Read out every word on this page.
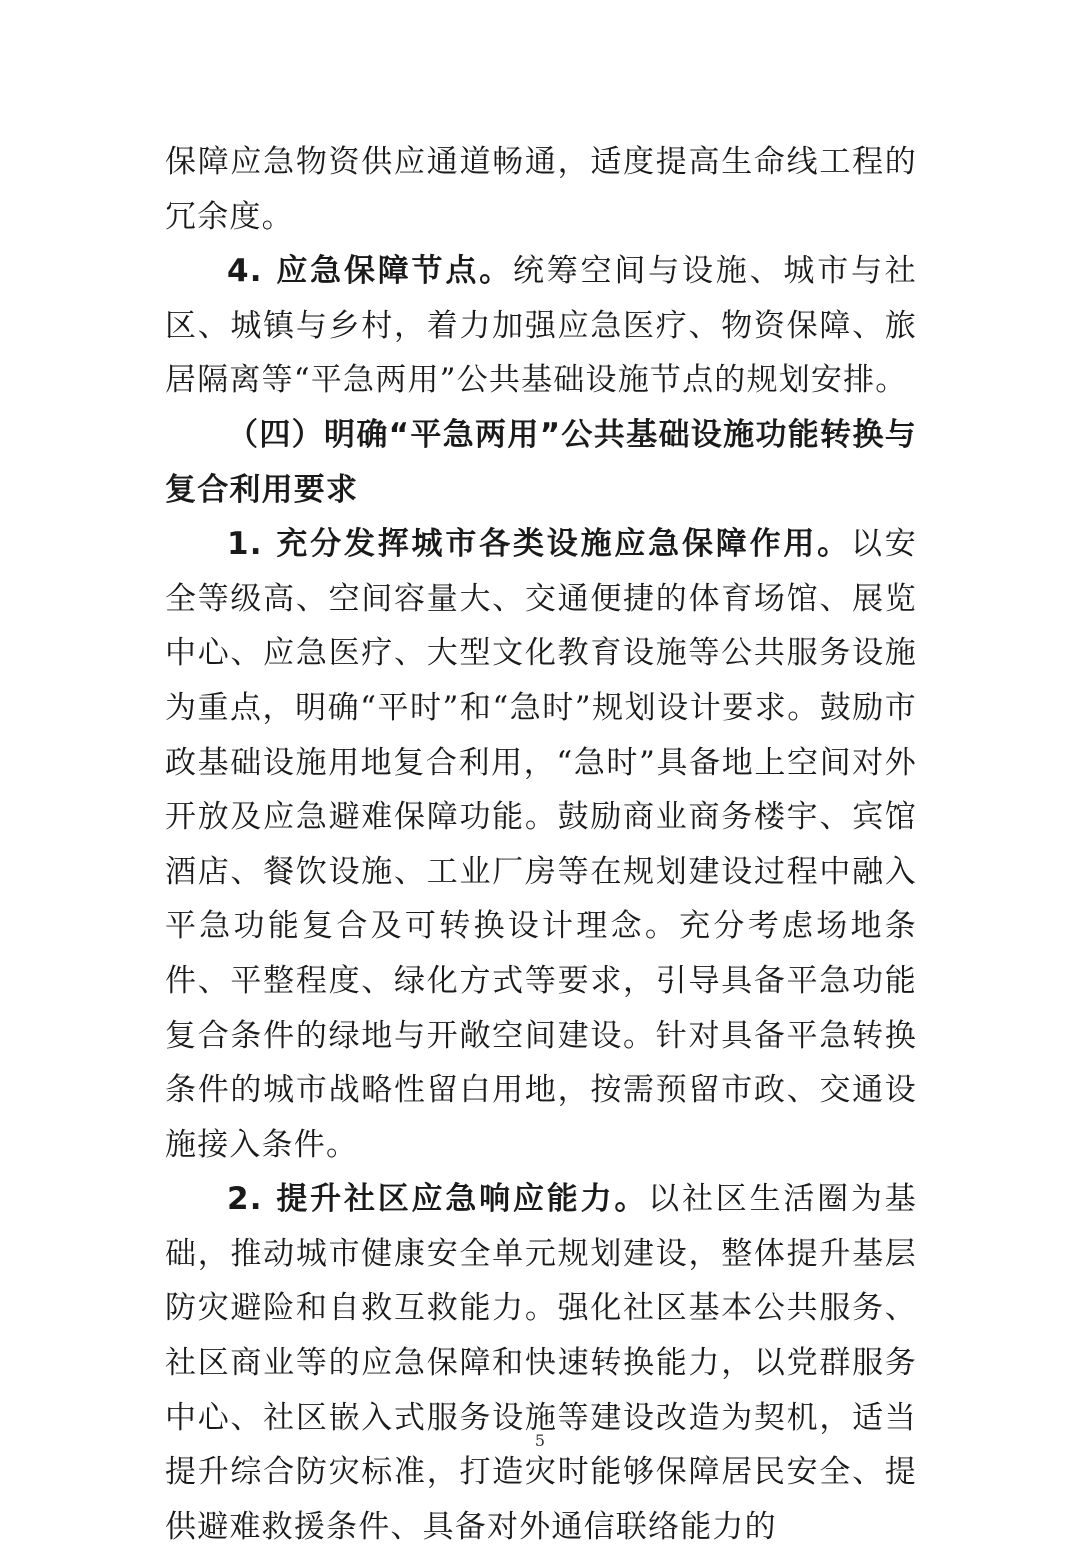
保障应急物资供应通道畅通，适度提高生命线工程的冗余度。

4. 应急保障节点。统筹空间与设施、城市与社区、城镇与乡村，着力加强应急医疗、物资保障、旅居隔离等“平急两用”公共基础设施节点的规划安排。

（四）明确“平急两用”公共基础设施功能转换与复合利用要求

1. 充分发挥城市各类设施应急保障作用。以安全等级高、空间容量大、交通便捷的体育场馆、展览中心、应急医疗、大型文化教育设施等公共服务设施为重点，明确“平时”和“急时”规划设计要求。鼓励市政基础设施用地复合利用，“急时”具备地上空间对外开放及应急避难保障功能。鼓励商业商务楼宇、宾馆酒店、餐饮设施、工业厂房等在规划建设过程中融入平急功能复合及可转换设计理念。充分考虑场地条件、平整程度、绿化方式等要求，引导具备平急功能复合条件的绿地与开敞空间建设。针对具备平急转换条件的城市战略性留白用地，按需预留市政、交通设施接入条件。

2. 提升社区应急响应能力。以社区生活圈为基础，推动城市健康安全单元规划建设，整体提升基层防灾避险和自救互救能力。强化社区基本公共服务、社区商业等的应急保障和快速转换能力，以党群服务中心、社区嵌入式服务设施等建设改造为契机，适当提升综合防灾标准，打造灾时能够保障居民安全、提供避难救援条件、具备对外通信联络能力的

5
